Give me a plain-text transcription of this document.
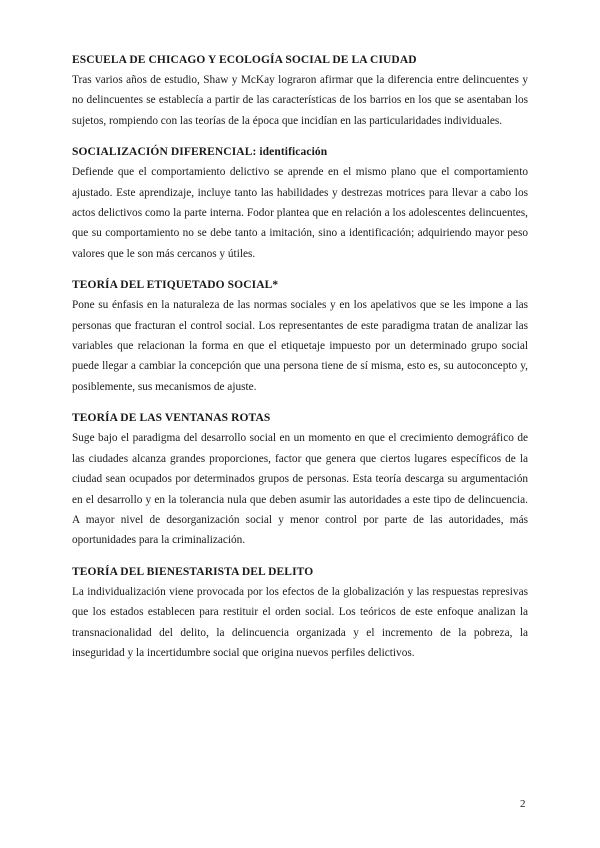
ESCUELA DE CHICAGO Y ECOLOGÍA SOCIAL DE LA CIUDAD

Tras varios años de estudio, Shaw y McKay lograron afirmar que la diferencia entre delincuentes y no delincuentes se establecía a partir de las características de los barrios en los que se asentaban los sujetos, rompiendo con las teorías de la época que incidían en las particularidades individuales.

SOCIALIZACIÓN DIFERENCIAL: identificación

Defiende que el comportamiento delictivo se aprende en el mismo plano que el comportamiento ajustado. Este aprendizaje, incluye tanto las habilidades y destrezas motrices para llevar a cabo los actos delictivos como la parte interna. Fodor plantea que en relación a los adolescentes delincuentes, que su comportamiento no se debe tanto a imitación, sino a identificación; adquiriendo mayor peso valores que le son más cercanos y útiles.

TEORÍA DEL ETIQUETADO SOCIAL*

Pone su énfasis en la naturaleza de las normas sociales y en los apelativos que se les impone a las personas que fracturan el control social. Los representantes de este paradigma tratan de analizar las variables que relacionan la forma en que el etiquetaje impuesto por un determinado grupo social puede llegar a cambiar la concepción que una persona tiene de sí misma, esto es, su autoconcepto y, posiblemente, sus mecanismos de ajuste.

TEORÍA DE LAS VENTANAS ROTAS

Suge bajo el paradigma del desarrollo social en un momento en que el crecimiento demográfico de las ciudades alcanza grandes proporciones, factor que genera que ciertos lugares específicos de la ciudad sean ocupados por determinados grupos de personas. Esta teoría descarga su argumentación en el desarrollo y en la tolerancia nula que deben asumir las autoridades a este tipo de delincuencia. A mayor nivel de desorganización social y menor control por parte de las autoridades, más oportunidades para la criminalización.

TEORÍA DEL BIENESTARISTA DEL DELITO

La individualización viene provocada por los efectos de la globalización y las respuestas represivas que los estados establecen para restituir el orden social. Los teóricos de este enfoque analizan la transnacionalidad del delito, la delincuencia organizada y el incremento de la pobreza, la inseguridad y la incertidumbre social que origina nuevos perfiles delictivos.

2
